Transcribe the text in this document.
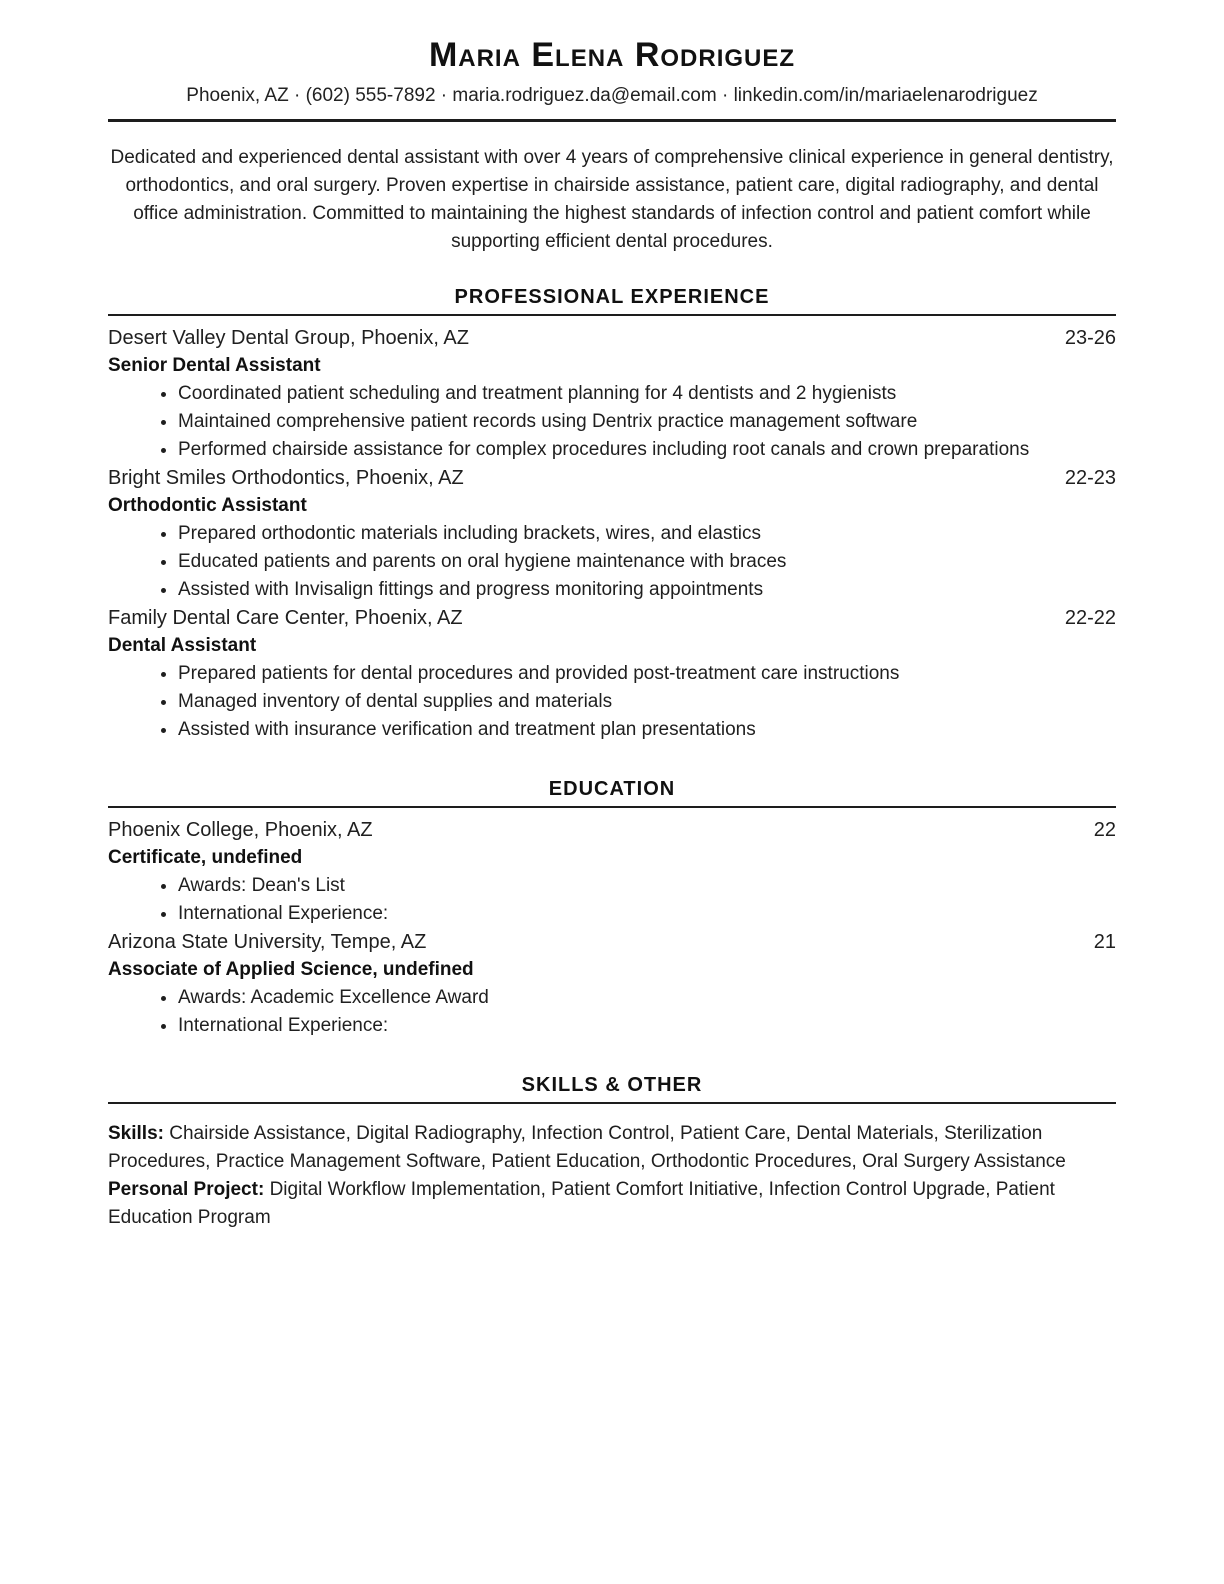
Maria Elena Rodriguez
Phoenix, AZ · (602) 555-7892 · maria.rodriguez.da@email.com · linkedin.com/in/mariaelenarodriguez

Dedicated and experienced dental assistant with over 4 years of comprehensive clinical experience in general dentistry, orthodontics, and oral surgery. Proven expertise in chairside assistance, patient care, digital radiography, and dental office administration. Committed to maintaining the highest standards of infection control and patient comfort while supporting efficient dental procedures.

PROFESSIONAL EXPERIENCE
Desert Valley Dental Group, Phoenix, AZ	23-26
Senior Dental Assistant
• Coordinated patient scheduling and treatment planning for 4 dentists and 2 hygienists
• Maintained comprehensive patient records using Dentrix practice management software
• Performed chairside assistance for complex procedures including root canals and crown preparations
Bright Smiles Orthodontics, Phoenix, AZ	22-23
Orthodontic Assistant
• Prepared orthodontic materials including brackets, wires, and elastics
• Educated patients and parents on oral hygiene maintenance with braces
• Assisted with Invisalign fittings and progress monitoring appointments
Family Dental Care Center, Phoenix, AZ	22-22
Dental Assistant
• Prepared patients for dental procedures and provided post-treatment care instructions
• Managed inventory of dental supplies and materials
• Assisted with insurance verification and treatment plan presentations
EDUCATION
Phoenix College, Phoenix, AZ	22
Certificate, undefined
• Awards: Dean's List
• International Experience:
Arizona State University, Tempe, AZ	21
Associate of Applied Science, undefined
• Awards: Academic Excellence Award
• International Experience:
SKILLS & OTHER
Skills: Chairside Assistance, Digital Radiography, Infection Control, Patient Care, Dental Materials, Sterilization Procedures, Practice Management Software, Patient Education, Orthodontic Procedures, Oral Surgery Assistance
Personal Project: Digital Workflow Implementation, Patient Comfort Initiative, Infection Control Upgrade, Patient Education Program
